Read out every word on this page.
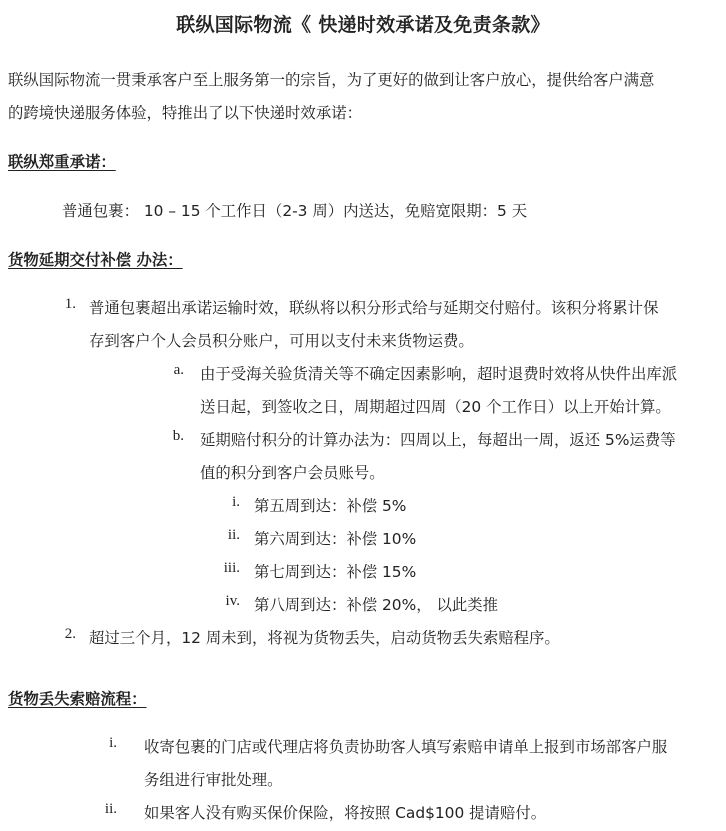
联纵国际物流《 快递时效承诺及免责条款》
联纵国际物流一贯秉承客户至上服务第一的宗旨，为了更好的做到让客户放心，提供给客户满意
的跨境快递服务体验，特推出了以下快递时效承诺：
联纵郑重承诺：
普通包裹： 10 – 15 个工作日（2-3 周）内送达，免赔宽限期：5 天
货物延期交付补偿 办法：
1. 普通包裹超出承诺运输时效，联纵将以积分形式给与延期交付赔付。该积分将累计保
存到客户个人会员积分账户，可用以支付未来货物运费。
a. 由于受海关验货清关等不确定因素影响，超时退费时效将从快件出库派
送日起，到签收之日，周期超过四周（20 个工作日）以上开始计算。
b. 延期赔付积分的计算办法为：四周以上，每超出一周，返还 5%运费等
值的积分到客户会员账号。
i. 第五周到达：补偿 5%
ii. 第六周到达：补偿 10%
iii. 第七周到达：补偿 15%
iv. 第八周到达：补偿 20%， 以此类推
2. 超过三个月，12 周未到，将视为货物丢失，启动货物丢失索赔程序。
货物丢失索赔流程：
i. 收寄包裹的门店或代理店将负责协助客人填写索赔申请单上报到市场部客户服
务组进行审批处理。
ii. 如果客人没有购买保价保险，将按照 Cad$100 提请赔付。
